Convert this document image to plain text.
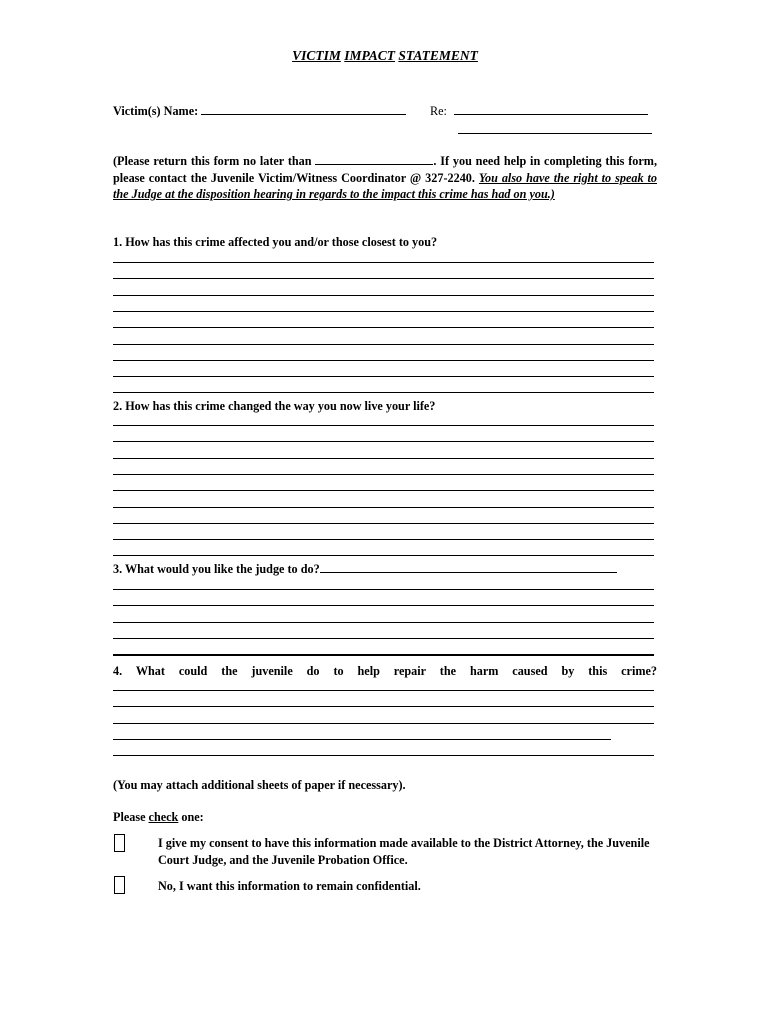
VICTIM IMPACT STATEMENT
Victim(s) Name:	Re:
(Please return this form no later than	. If you need help in completing this form, please contact the Juvenile Victim/Witness Coordinator @ 327-2240. You also have the right to speak to the Judge at the disposition hearing in regards to the impact this crime has had on you.)
1. How has this crime affected you and/or those closest to you?
2. How has this crime changed the way you now live your life?
3. What would you like the judge to do?
4. What could the juvenile do to help repair the harm caused by this crime?
(You may attach additional sheets of paper if necessary).
Please check one:
I give my consent to have this information made available to the District Attorney, the Juvenile Court Judge, and the Juvenile Probation Office.
No, I want this information to remain confidential.
